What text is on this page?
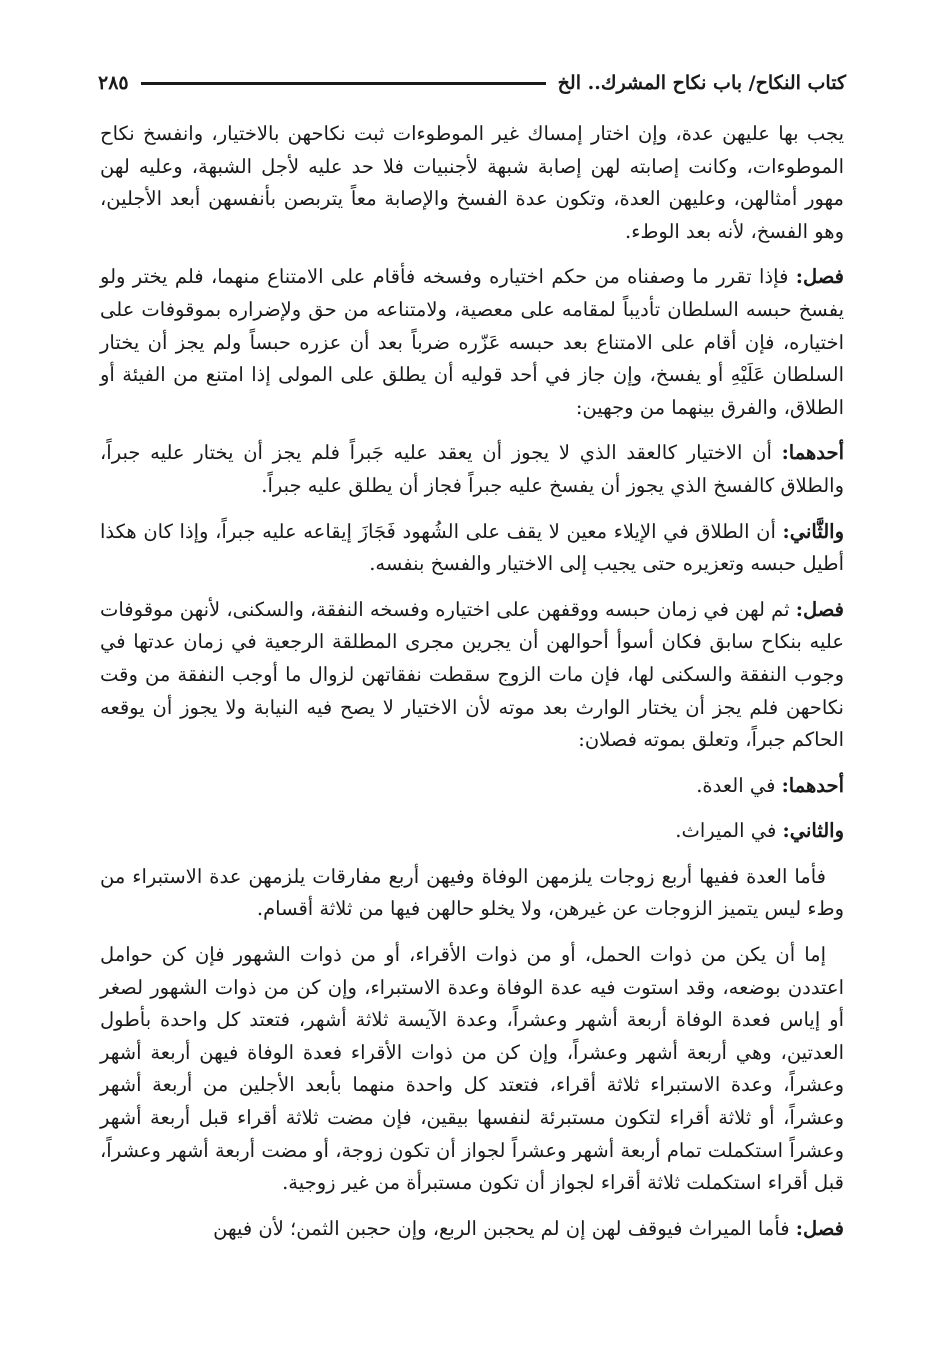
كتاب النكاح/ باب نكاح المشرك.. الخ
٢٨٥

يجب بها عليهن عدة، وإن اختار إمساك غير الموطوءات ثبت نكاحهن بالاختيار، وانفسخ نكاح الموطوءات، وكانت إصابته لهن إصابة شبهة لأجنبيات فلا حد عليه لأجل الشبهة، وعليه لهن مهور أمثالهن، وعليهن العدة، وتكون عدة الفسخ والإصابة معاً يتربصن بأنفسهن أبعد الأجلين، وهو الفسخ، لأنه بعد الوطء.

فصل: فإذا تقرر ما وصفناه من حكم اختياره وفسخه فأقام على الامتناع منهما، فلم يختر ولو يفسخ حبسه السلطان تأديباً لمقامه على معصية، ولامتناعه من حق ولإضراره بموقوفات على اختياره، فإن أقام على الامتناع بعد حبسه عَزّره ضرباً بعد أن عزره حبساً ولم يجز أن يختار السلطان عَلَيْهِ أو يفسخ، وإن جاز في أحد قوليه أن يطلق على المولى إذا امتنع من الفيئة أو الطلاق، والفرق بينهما من وجهين:

أحدهما: أن الاختيار كالعقد الذي لا يجوز أن يعقد عليه جَبراً فلم يجز أن يختار عليه جبراً، والطلاق كالفسخ الذي يجوز أن يفسخ عليه جبراً فجاز أن يطلق عليه جبراً.

والثَّاني: أن الطلاق في الإيلاء معين لا يقف على الشُهود فَجَازَ إيقاعه عليه جبراً، وإذا كان هكذا أطيل حبسه وتعزيره حتى يجيب إلى الاختيار والفسخ بنفسه.

فصل: ثم لهن في زمان حبسه ووقفهن على اختياره وفسخه النفقة، والسكنى، لأنهن موقوفات عليه بنكاح سابق فكان أسوأ أحوالهن أن يجرين مجرى المطلقة الرجعية في زمان عدتها في وجوب النفقة والسكنى لها، فإن مات الزوج سقطت نفقاتهن لزوال ما أوجب النفقة من وقت نكاحهن فلم يجز أن يختار الوارث بعد موته لأن الاختيار لا يصح فيه النيابة ولا يجوز أن يوقعه الحاكم جبراً، وتعلق بموته فصلان:

أحدهما: في العدة.

والثاني: في الميراث.

فأما العدة ففيها أربع زوجات يلزمهن الوفاة وفيهن أربع مفارقات يلزمهن عدة الاستبراء من وطء ليس يتميز الزوجات عن غيرهن، ولا يخلو حالهن فيها من ثلاثة أقسام.

إما أن يكن من ذوات الحمل، أو من ذوات الأقراء، أو من ذوات الشهور فإن كن حوامل اعتددن بوضعه، وقد استوت فيه عدة الوفاة وعدة الاستبراء، وإن كن من ذوات الشهور لصغر أو إياس فعدة الوفاة أربعة أشهر وعشراً، وعدة الآيسة ثلاثة أشهر، فتعتد كل واحدة بأطول العدتين، وهي أربعة أشهر وعشراً، وإن كن من ذوات الأقراء فعدة الوفاة فيهن أربعة أشهر وعشراً، وعدة الاستبراء ثلاثة أقراء، فتعتد كل واحدة منهما بأبعد الأجلين من أربعة أشهر وعشراً، أو ثلاثة أقراء لتكون مستبرئة لنفسها بيقين، فإن مضت ثلاثة أقراء قبل أربعة أشهر وعشراً استكملت تمام أربعة أشهر وعشراً لجواز أن تكون زوجة، أو مضت أربعة أشهر وعشراً، قبل أقراء استكملت ثلاثة أقراء لجواز أن تكون مستبرأة من غير زوجية.

فصل: فأما الميراث فيوقف لهن إن لم يحجبن الربع، وإن حجبن الثمن؛ لأن فيهن
